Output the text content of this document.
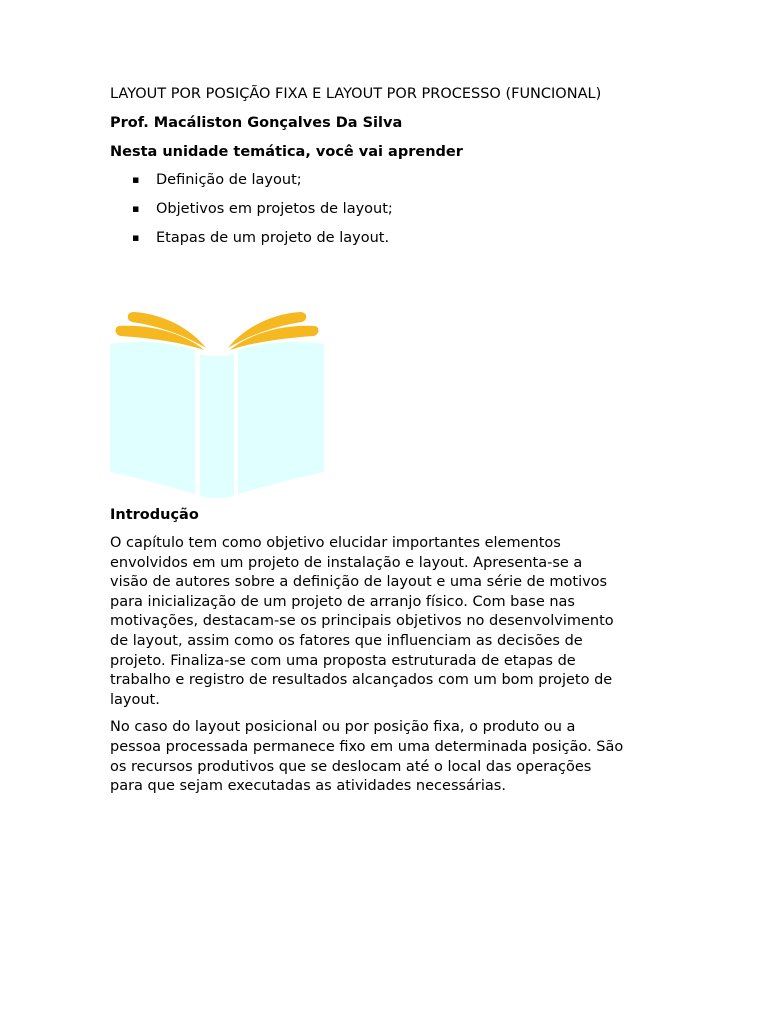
LAYOUT POR POSIÇÃO FIXA E LAYOUT POR PROCESSO (FUNCIONAL)

Prof. Macáliston Gonçalves Da Silva

Nesta unidade temática, você vai aprender

▪ Definição de layout;
▪ Objetivos em projetos de layout;
▪ Etapas de um projeto de layout.

Introdução

O capítulo tem como objetivo elucidar importantes elementos
envolvidos em um projeto de instalação e layout. Apresenta-se a
visão de autores sobre a definição de layout e uma série de motivos
para inicialização de um projeto de arranjo físico. Com base nas
motivações, destacam-se os principais objetivos no desenvolvimento
de layout, assim como os fatores que influenciam as decisões de
projeto. Finaliza-se com uma proposta estruturada de etapas de
trabalho e registro de resultados alcançados com um bom projeto de
layout.

No caso do layout posicional ou por posição fixa, o produto ou a
pessoa processada permanece fixo em uma determinada posição. São
os recursos produtivos que se deslocam até o local das operações
para que sejam executadas as atividades necessárias.
